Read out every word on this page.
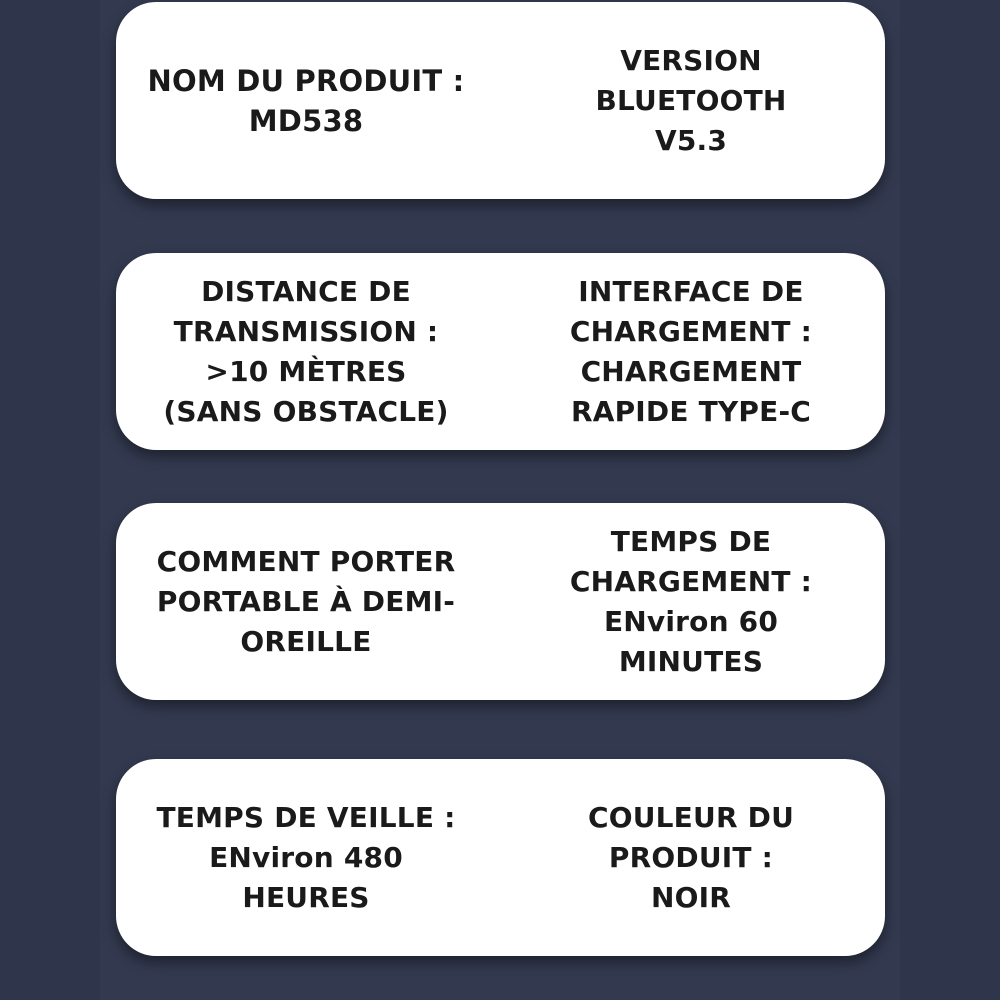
NOM DU PRODUIT :
MD538
VERSION
BLUETOOTH
V5.3
DISTANCE DE
TRANSMISSION :
>10 MÈTRES
(SANS OBSTACLE)
INTERFACE DE
CHARGEMENT :
CHARGEMENT
RAPIDE TYPE-C
COMMENT PORTER
PORTABLE À DEMI-
OREILLE
TEMPS DE
CHARGEMENT :
ENviron 60
MINUTES
TEMPS DE VEILLE :
ENviron 480
HEURES
COULEUR DU
PRODUIT :
NOIR
